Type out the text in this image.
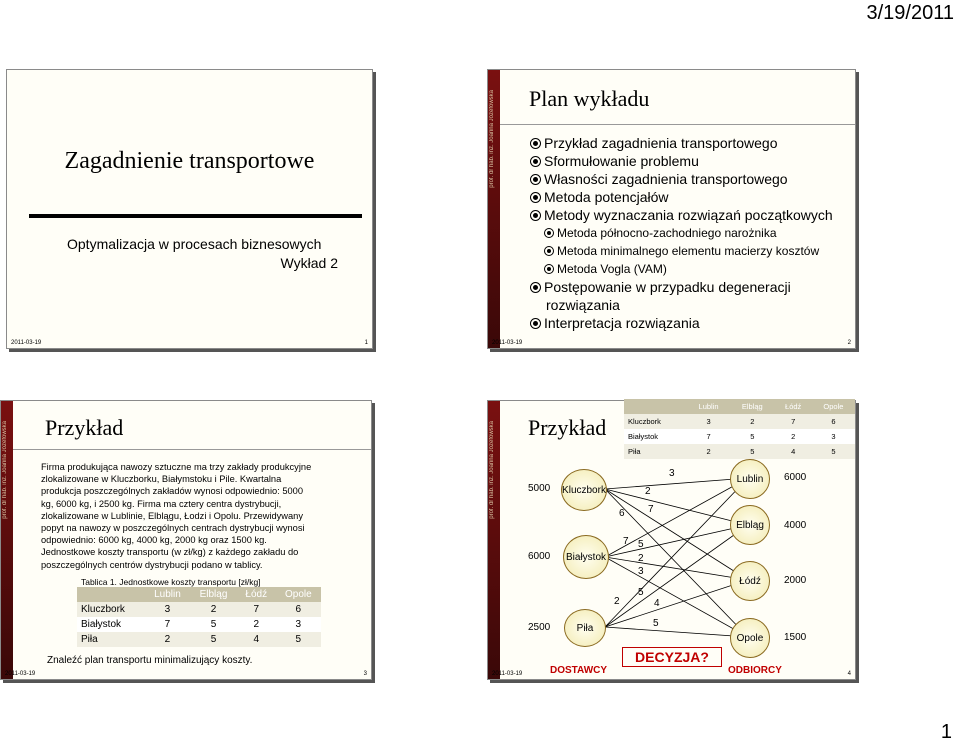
3/19/2011
Zagadnienie transportowe
Optymalizacja w procesach biznesowych
Wykład 2
2011-03-19	1
prof. dr hab. inż. Joanna Józefowska Plan wykładu
Przykład zagadnienia transportowego
Sformułowanie problemu
Własności zagadnienia transportowego
Metoda potencjałów
Metody wyznaczania rozwiązań początkowych
Metoda północno-zachodniego narożnika
Metoda minimalnego elementu macierzy kosztów
Metoda Vogla (VAM)
Postępowanie w przypadku degeneracji
rozwiązania
Interpretacja rozwiązania
2011-03-19	2
prof. dr hab. inż. Joanna Józefowska Przykład
Firma produkująca nawozy sztuczne ma trzy zakłady produkcyjne
zlokalizowane w Kluczborku, Białymstoku i Pile. Kwartalna
produkcja poszczególnych zakładów wynosi odpowiednio: 5000
kg, 6000 kg, i 2500 kg. Firma ma cztery centra dystrybucji,
zlokalizowane w Lublinie, Elblągu, Łodzi i Opolu. Przewidywany
popyt na nawozy w poszczególnych centrach dystrybucji wynosi
odpowiednio: 6000 kg, 4000 kg, 2000 kg oraz 1500 kg.
Jednostkowe koszty transportu (w zł/kg) z każdego zakładu do
poszczególnych centrów dystrybucji podano w tablicy.
Tablica 1. Jednostkowe koszty transportu [zł/kg]
	Lublin	Elbląg	Łódź	Opole
Kluczbork	3	2	7	6
Białystok	7	5	2	3
Piła	2	5	4	5
Znaleźć plan transportu minimalizujący koszty.
2011-03-19	3
prof. dr hab. inż. Joanna Józefowska Przykład
	Lublin	Elbląg	Łódź	Opole
Kluczbork	3	2	7	6
Białystok	7	5	2	3
Piła	2	5	4	5
5000
6000
2500
Kluczbork
Białystok
Piła
Lublin
Elbląg
Łódź
Opole
6000
4000
2000
1500
3
2
6 7
7 5
2
3
2
5
4
5
DOSTAWCY
DECYZJA?
ODBIORCY
2011-03-19	4
1
